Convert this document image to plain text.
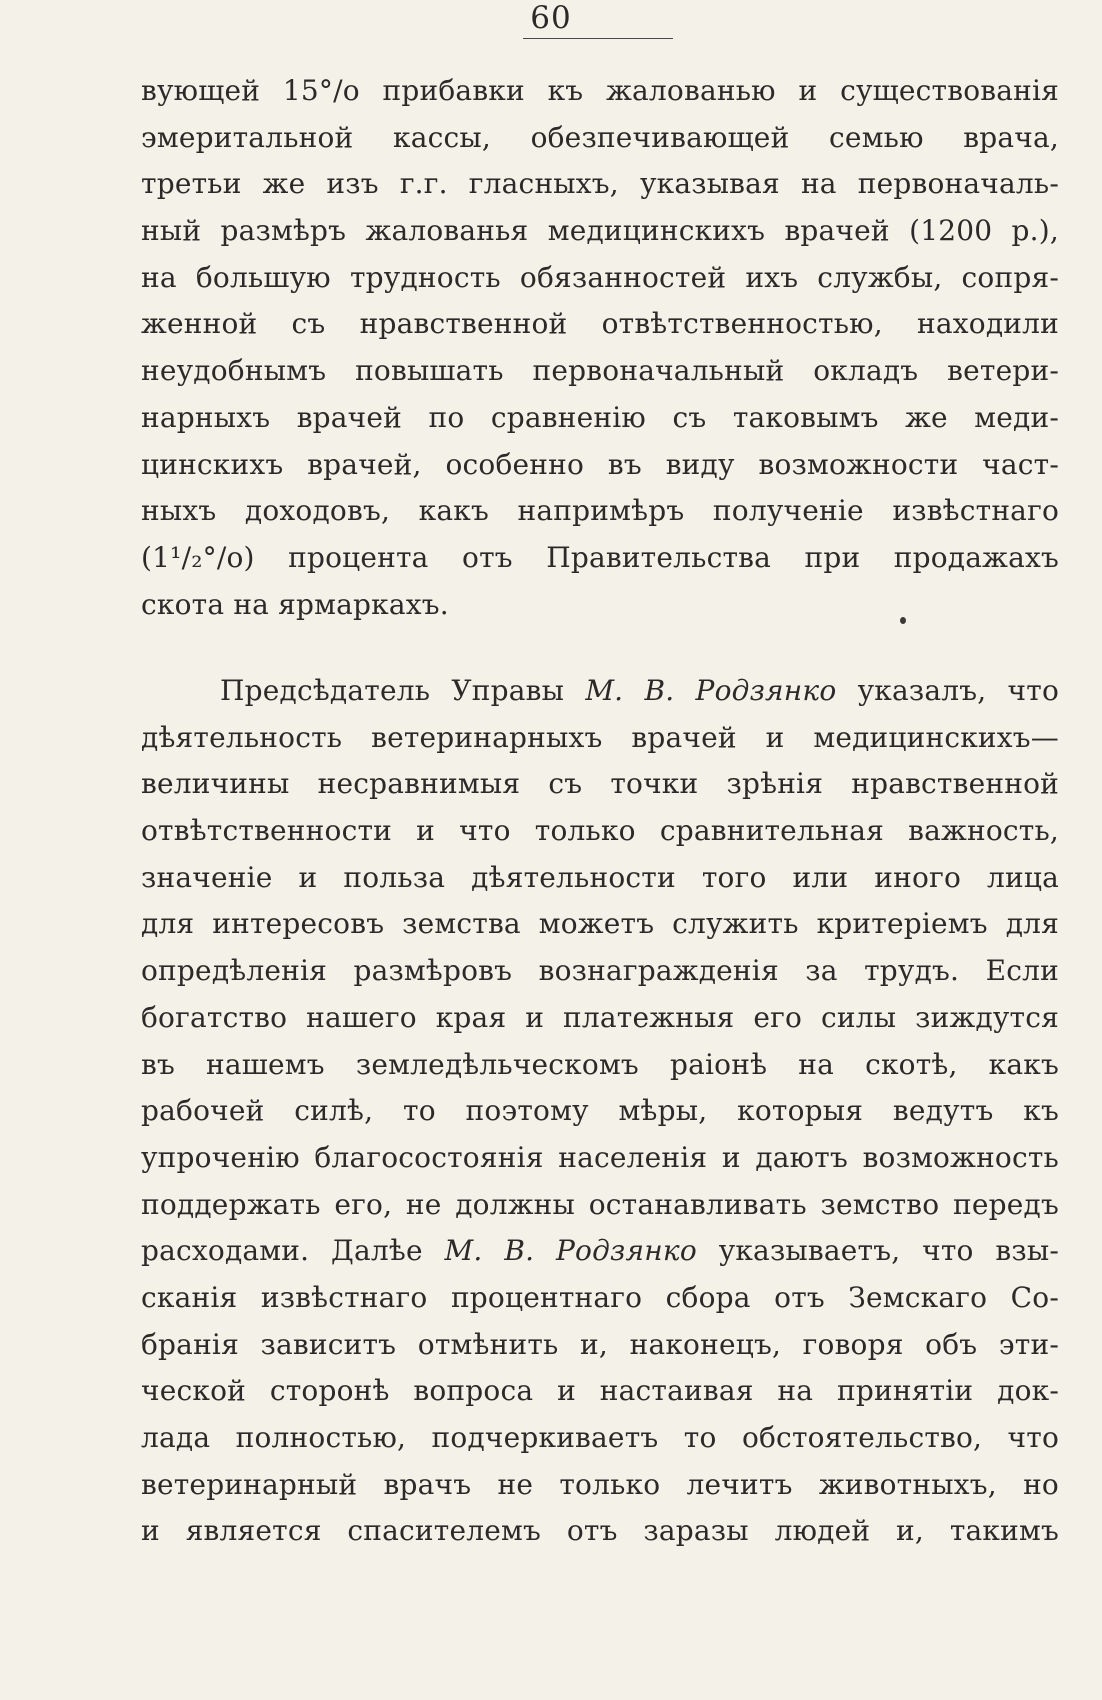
60
вующей 15°/о прибавки къ жалованью и существованія
эмеритальной кассы, обезпечивающей семью врача,
третьи же изъ г.г. гласныхъ, указывая на первоначаль-
ный размѣръ жалованья медицинскихъ врачей (1200 р.),
на большую трудность обязанностей ихъ службы, сопря-
женной съ нравственной отвѣтственностью, находили
неудобнымъ повышать первоначальный окладъ ветери-
нарныхъ врачей по сравненію съ таковымъ же меди-
цинскихъ врачей, особенно въ виду возможности част-
ныхъ доходовъ, какъ напримѣръ полученіе извѣстнаго
(1¹/₂°/о) процента отъ Правительства при продажахъ
скота на ярмаркахъ.
Предсѣдатель Управы М. В. Родзянко указалъ, что
дѣятельность ветеринарныхъ врачей и медицинскихъ—
величины несравнимыя съ точки зрѣнія нравственной
отвѣтственности и что только сравнительная важность,
значеніе и польза дѣятельности того или иного лица
для интересовъ земства можетъ служить критеріемъ для
опредѣленія размѣровъ вознагражденія за трудъ. Если
богатство нашего края и платежныя его силы зиждутся
въ нашемъ земледѣльческомъ раіонѣ на скотѣ, какъ
рабочей силѣ, то поэтому мѣры, которыя ведутъ къ
упроченію благосостоянія населенія и даютъ возможность
поддержать его, не должны останавливать земство передъ
расходами. Далѣе М. В. Родзянко указываетъ, что взы-
сканія извѣстнаго процентнаго сбора отъ Земскаго Со-
бранія зависитъ отмѣнить и, наконецъ, говоря объ эти-
ческой сторонѣ вопроса и настаивая на принятіи док-
лада полностью, подчеркиваетъ то обстоятельство, что
ветеринарный врачъ не только лечитъ животныхъ, но
и является спасителемъ отъ заразы людей и, такимъ
